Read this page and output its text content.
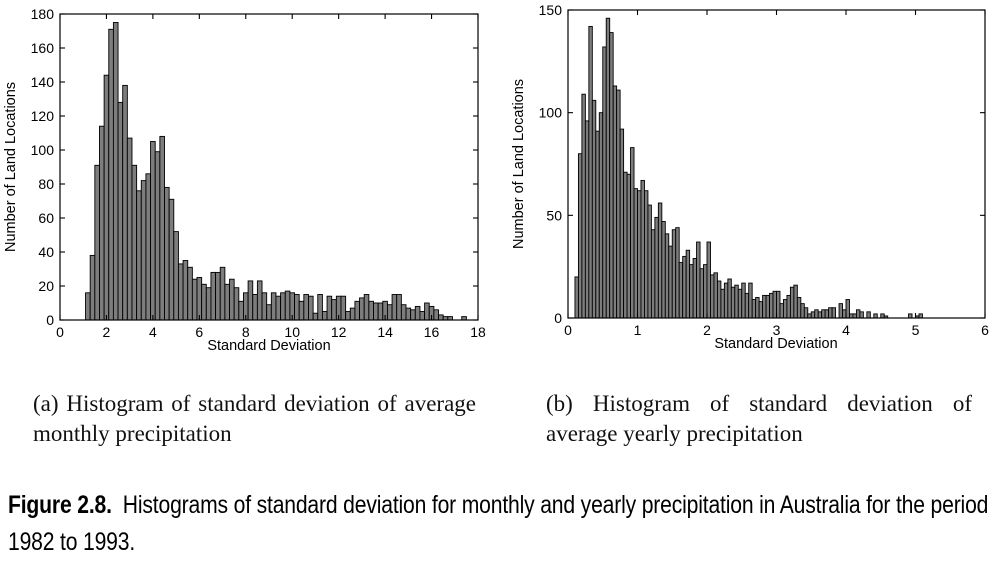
0	2	4	6	8 10 12 14 16 18
0
20
40
60
80
100
120
140
160
180
Standard Deviation
Number of Land Locations
0	1	2	3	4	5	6
0
50
100
150
Standard Deviation
Number of Land Locations
(a) Histogram of standard deviation of average monthly precipitation
(b) Histogram of standard deviation of average yearly precipitation
Figure 2.8. Histograms of standard deviation for monthly and yearly precipitation in Australia for the period 1982 to 1993.
